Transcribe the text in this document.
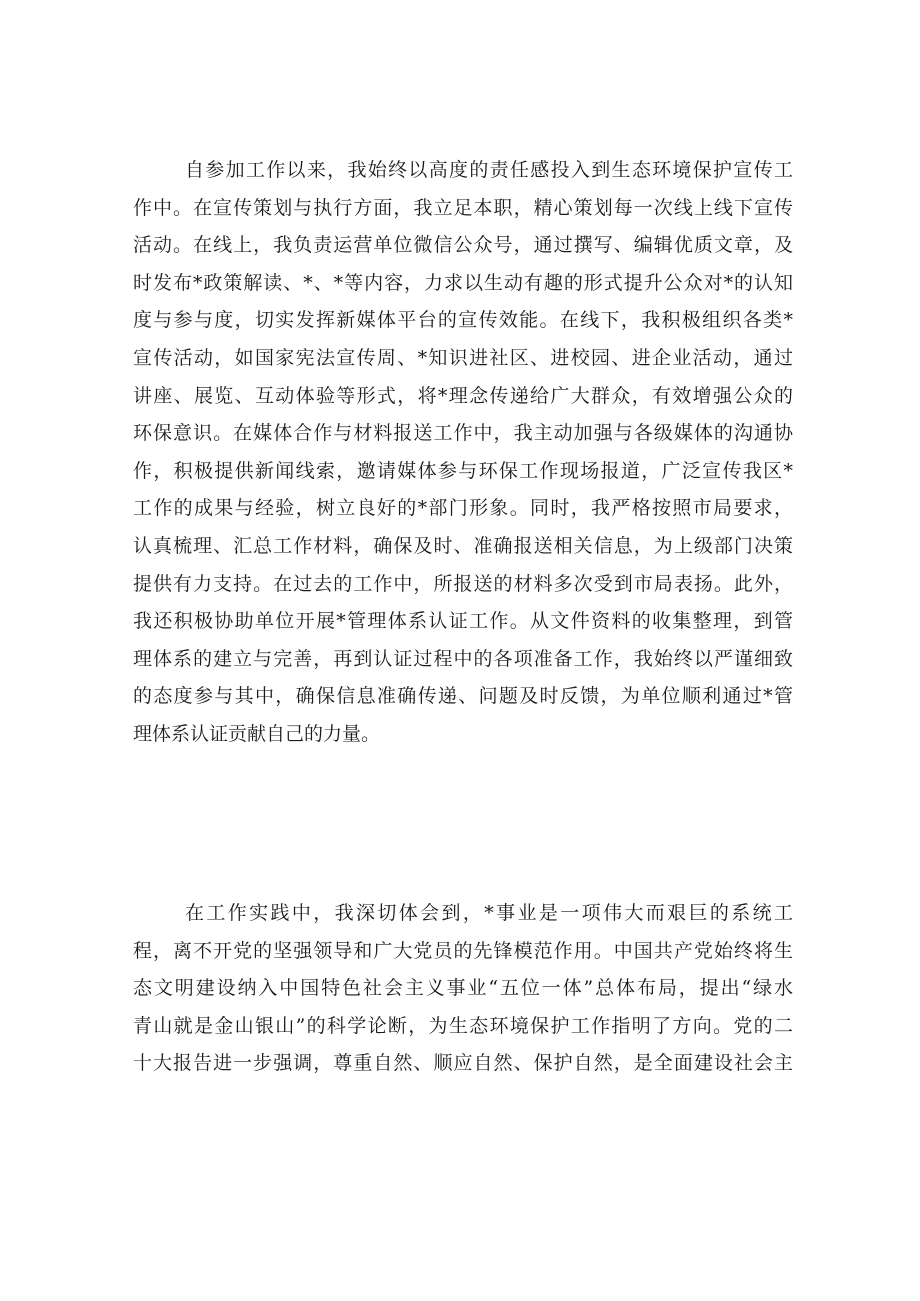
自参加工作以来，我始终以高度的责任感投入到生态环境保护宣传工
作中。在宣传策划与执行方面，我立足本职，精心策划每一次线上线下宣传
活动。在线上，我负责运营单位微信公众号，通过撰写、编辑优质文章，及
时发布*政策解读、*、*等内容，力求以生动有趣的形式提升公众对*的认知
度与参与度，切实发挥新媒体平台的宣传效能。在线下，我积极组织各类*
宣传活动，如国家宪法宣传周、*知识进社区、进校园、进企业活动，通过
讲座、展览、互动体验等形式，将*理念传递给广大群众，有效增强公众的
环保意识。在媒体合作与材料报送工作中，我主动加强与各级媒体的沟通协
作，积极提供新闻线索，邀请媒体参与环保工作现场报道，广泛宣传我区*
工作的成果与经验，树立良好的*部门形象。同时，我严格按照市局要求，
认真梳理、汇总工作材料，确保及时、准确报送相关信息，为上级部门决策
提供有力支持。在过去的工作中，所报送的材料多次受到市局表扬。此外，
我还积极协助单位开展*管理体系认证工作。从文件资料的收集整理，到管
理体系的建立与完善，再到认证过程中的各项准备工作，我始终以严谨细致
的态度参与其中，确保信息准确传递、问题及时反馈，为单位顺利通过*管
理体系认证贡献自己的力量。
在工作实践中，我深切体会到，*事业是一项伟大而艰巨的系统工
程，离不开党的坚强领导和广大党员的先锋模范作用。中国共产党始终将生
态文明建设纳入中国特色社会主义事业“五位一体”总体布局，提出“绿水
青山就是金山银山”的科学论断，为生态环境保护工作指明了方向。党的二
十大报告进一步强调，尊重自然、顺应自然、保护自然，是全面建设社会主
